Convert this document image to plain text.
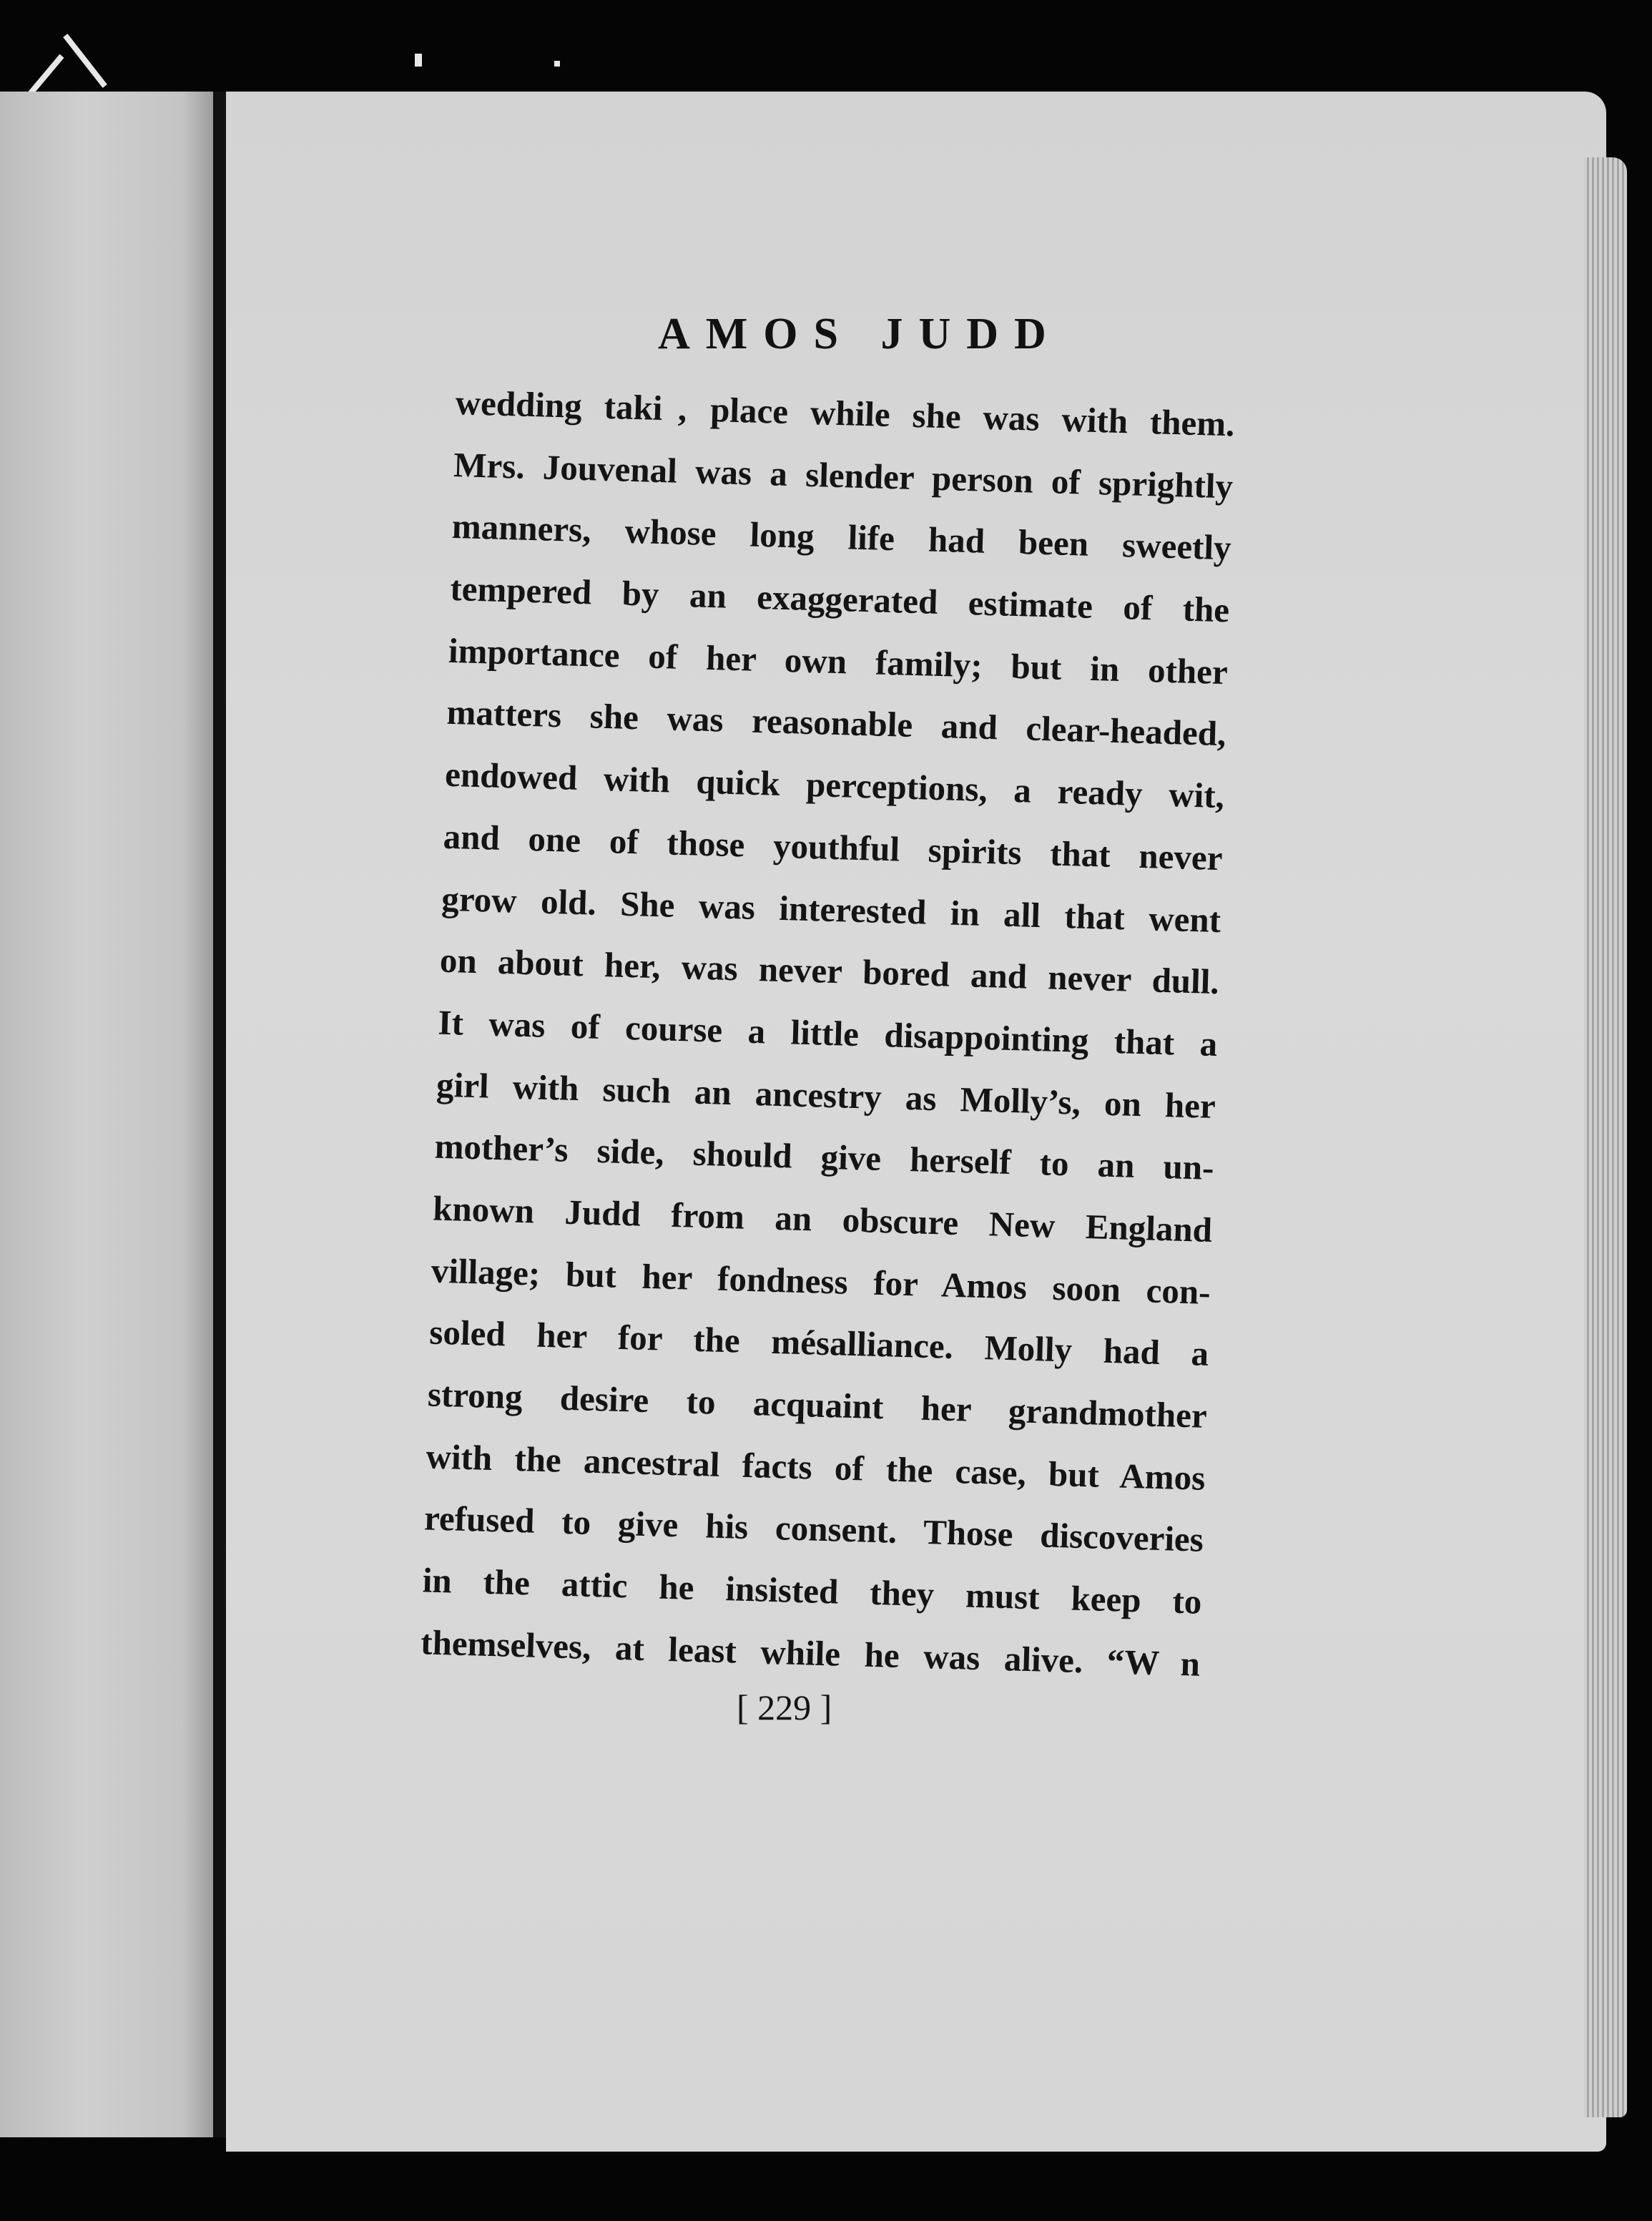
AMOS JUDD
wedding taki  ‚ place while she was with them.
Mrs. Jouvenal was a slender person of sprightly
manners, whose long life had been sweetly
tempered by an exaggerated estimate of the
importance of her own family; but in other
matters she was reasonable and clear-headed,
endowed with quick perceptions, a ready wit,
and one of those youthful spirits that never
grow old. She was interested in all that went
on about her, was never bored and never dull.
It was of course a little disappointing that a
girl with such an ancestry as Molly’s, on her
mother’s side, should give herself to an un-
known Judd from an obscure New England
village; but her fondness for Amos soon con-
soled her for the mésalliance. Molly had a
strong desire to acquaint her grandmother
with the ancestral facts of the case, but Amos
refused to give his consent. Those discoveries
in the attic he insisted they must keep to
themselves, at least while he was alive. “W   n
[ 229 ]
